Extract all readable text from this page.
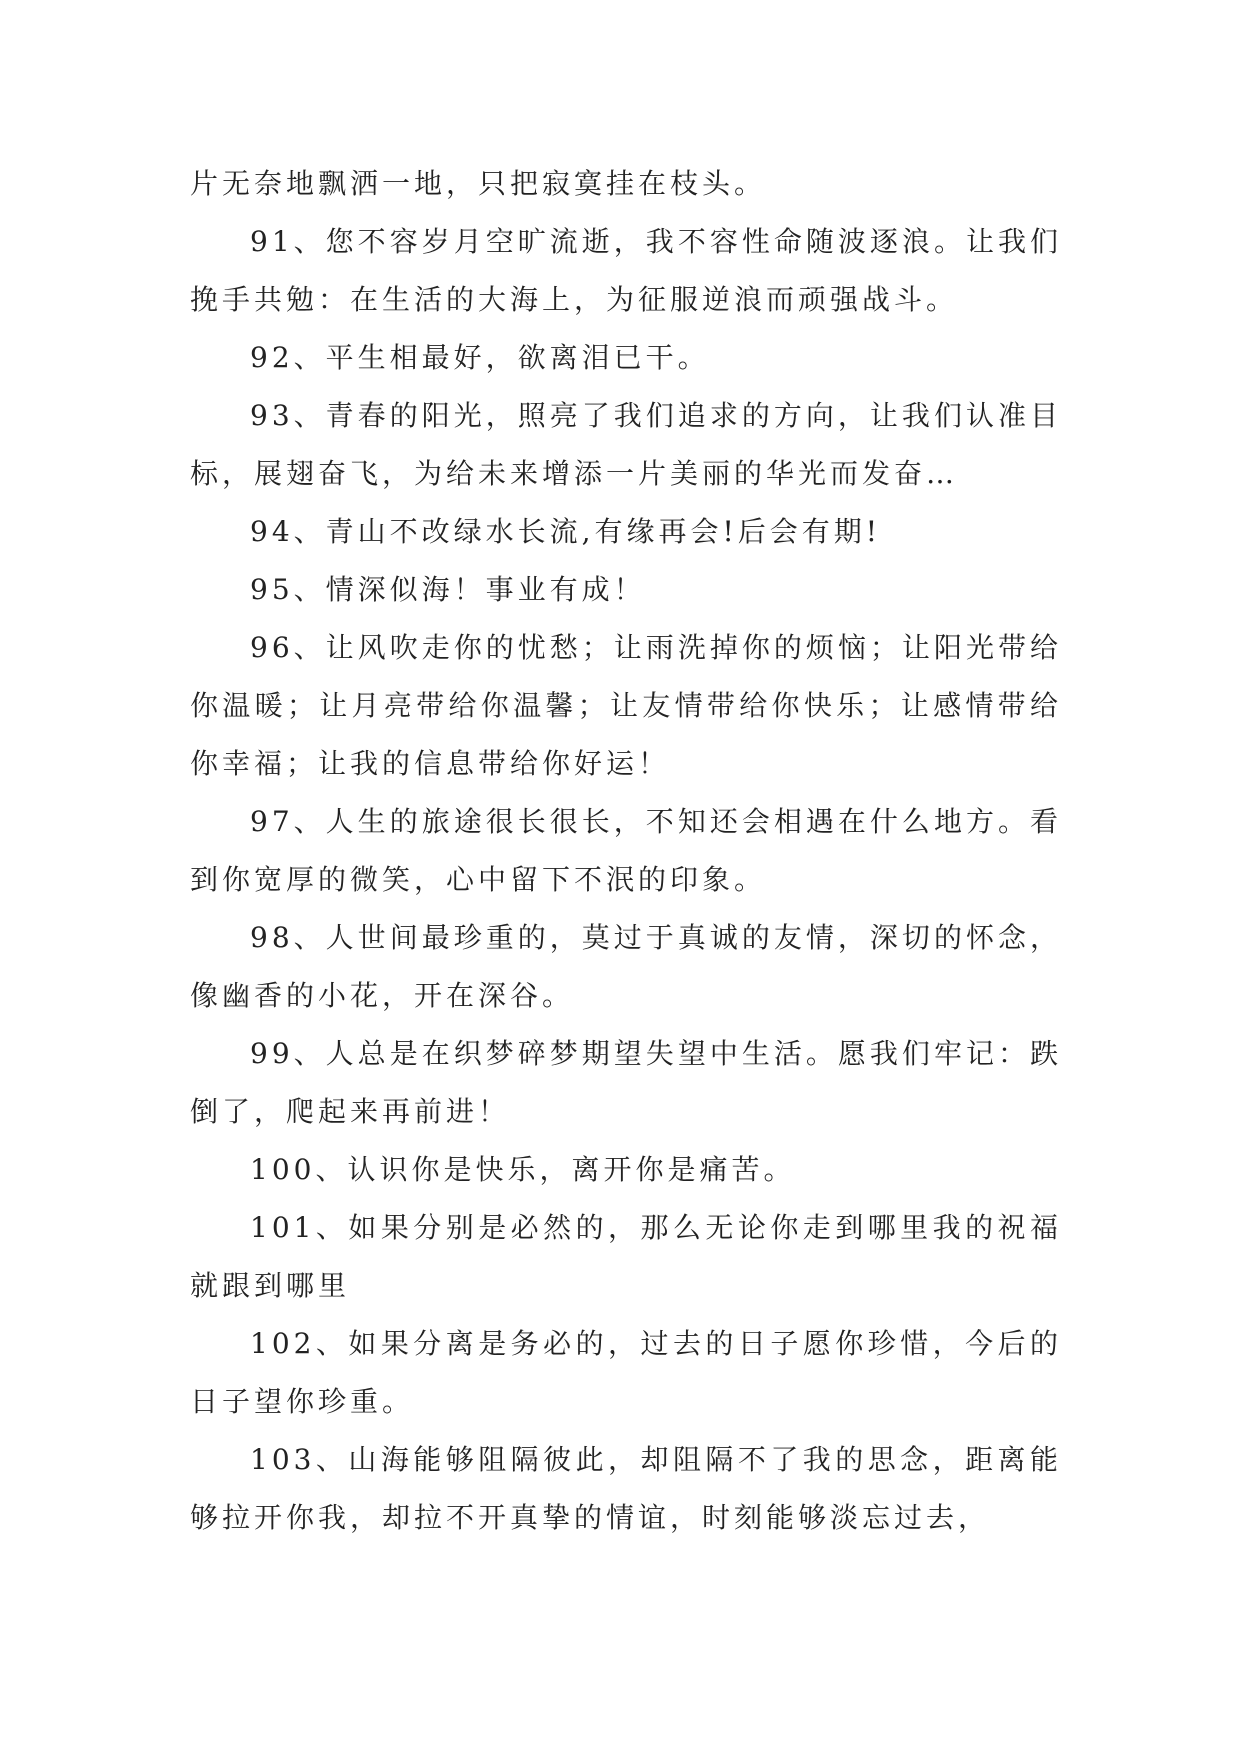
片无奈地飘洒一地，只把寂寞挂在枝头。

91、您不容岁月空旷流逝，我不容性命随波逐浪。让我们挽手共勉：在生活的大海上，为征服逆浪而顽强战斗。

92、平生相最好，欲离泪已干。

93、青春的阳光，照亮了我们追求的方向，让我们认准目标，展翅奋飞，为给未来增添一片美丽的华光而发奋…

94、青山不改绿水长流,有缘再会!后会有期!

95、情深似海！事业有成！

96、让风吹走你的忧愁；让雨洗掉你的烦恼；让阳光带给你温暖；让月亮带给你温馨；让友情带给你快乐；让感情带给你幸福；让我的信息带给你好运！

97、人生的旅途很长很长，不知还会相遇在什么地方。看到你宽厚的微笑，心中留下不泯的印象。

98、人世间最珍重的，莫过于真诚的友情，深切的怀念，像幽香的小花，开在深谷。

99、人总是在织梦碎梦期望失望中生活。愿我们牢记：跌倒了，爬起来再前进！

100、认识你是快乐，离开你是痛苦。

101、如果分别是必然的，那么无论你走到哪里我的祝福就跟到哪里

102、如果分离是务必的，过去的日子愿你珍惜，今后的日子望你珍重。

103、山海能够阻隔彼此，却阻隔不了我的思念，距离能够拉开你我，却拉不开真挚的情谊，时刻能够淡忘过去，
